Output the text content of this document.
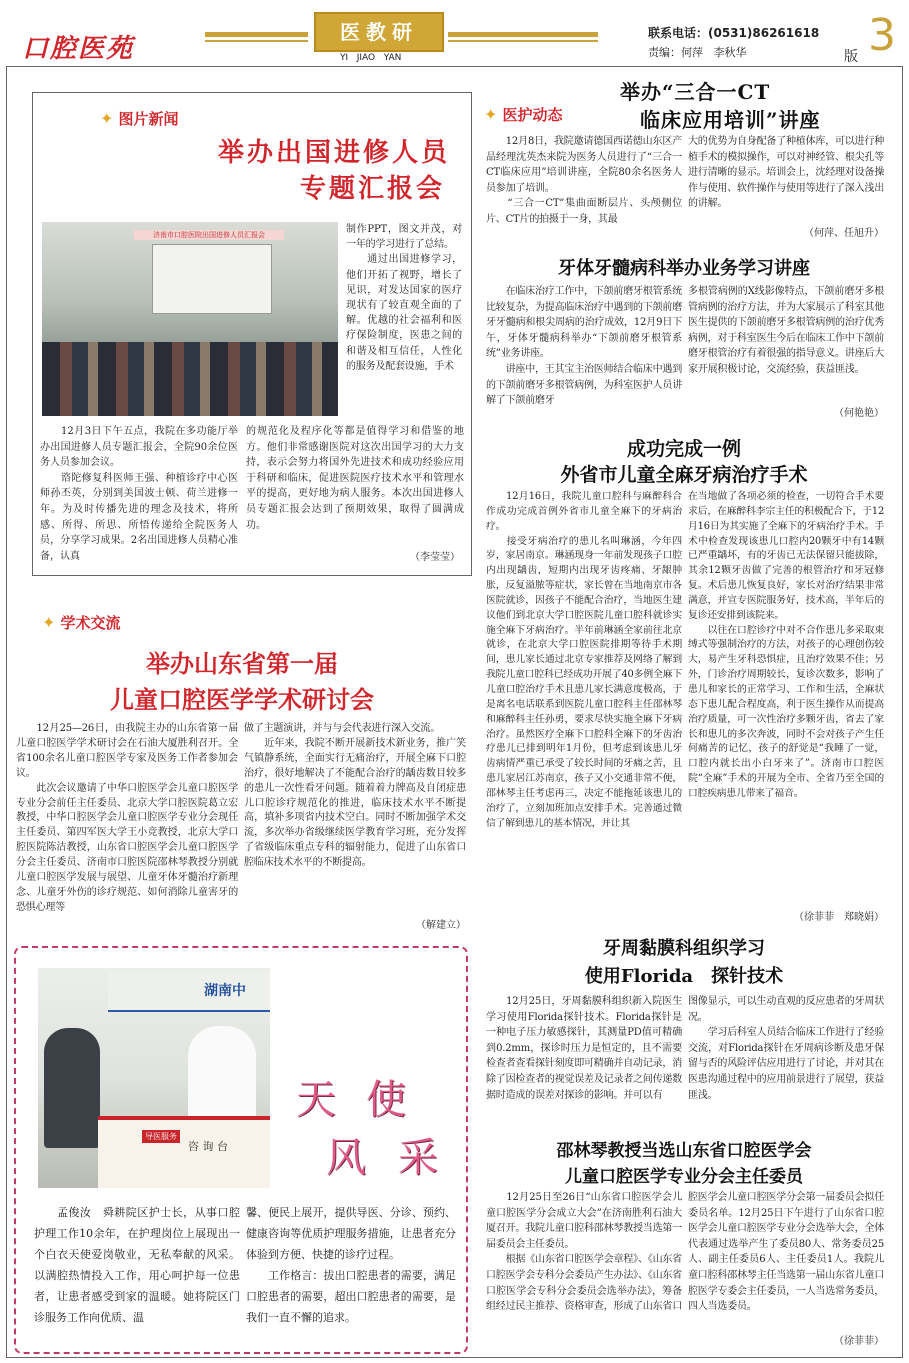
口腔医苑
医教研
YI   JIAO   YAN
联系电话：(0531)86261618
责编：何萍   李秋华	版 3
✦ 图片新闻
举办出国进修人员
专题汇报会
济南市口腔医院出国进修人员汇报会	制作PPT，图文并茂，对一年的学习进行了总结。
　　通过出国进修学习，他们开拓了视野，增长了见识，对发达国家的医疗现状有了较直观全面的了解。优越的社会福利和医疗保险制度，医患之间的和谐及相互信任，人性化的服务及配套设施，手术
　　12月3日下午五点，我院在多功能厅举办出国进修人员专题汇报会，全院90余位医务人员参加会议。
　　谘陀修复科医师王强、种植诊疗中心医师孙丕英，分别到美国波士顿、荷兰进修一年。为及时传播先进的理念及技术，将所感、所得、所思、所悟传递给全院医务人员，分享学习成果。2名出国进修人员精心准备，认真
的规范化及程序化等都是值得学习和借鉴的地方。他们非常感谢医院对这次出国学习的大力支持，表示会努力将国外先进技术和成功经验应用于科研和临床，促进医院医疗技术水平和管理水平的提高，更好地为病人服务。本次出国进修人员专题汇报会达到了预期效果，取得了圆满成功。
（李莹莹）
✦ 学术交流
举办山东省第一届
儿童口腔医学学术研讨会
　　12月25—26日，由我院主办的山东省第一届儿童口腔医学学术研讨会在石油大厦胜利召开。全省100余名儿童口腔医学专家及医务工作者参加会议。
　　此次会议邀请了中华口腔医学会儿童口腔医学专业分会前任主任委员、北京大学口腔医院葛立宏教授，中华口腔医学会儿童口腔医学专业分会现任主任委员、第四军医大学王小竞教授，北京大学口腔医院陈洁教授，山东省口腔医学会儿童口腔医学分会主任委员、济南市口腔医院邵林琴教授分别就儿童口腔医学发展与展望、儿童牙体牙髓治疗新理念、儿童牙外伤的诊疗规范、如何消除儿童害牙的恐惧心理等
做了主题演讲，并与与会代表进行深入交流。
　　近年来，我院不断开展新技术新业务，推广笑气镇静系统，全面实行无痛治疗，开展全麻下口腔治疗，很好地解决了不能配合治疗的龋齿数目较多的患儿一次性看牙问题。随着着力牌高及自闭症患儿口腔诊疗规范化的推进，临床技术水平不断提高，填补多项省内技术空白。同时不断加强学术交流，多次举办省级继续医学教育学习班，充分发挥了省级临床重点专科的辐射能力，促进了山东省口腔临床技术水平的不断提高。
（解建立）
湖南中
咨 询 台
导医服务
天 使
风 采
　　孟俊汝　舜耕院区护士长，从事口腔护理工作10余年，在护理岗位上展现出一个白衣天使爱岗敬业，无私奉献的风采。以满腔热情投入工作，用心呵护每一位患者，让患者感受到家的温暖。她将院区门诊服务工作向优质、温
馨、便民上展开，提供导医、分诊、预约、健康咨询等优质护理服务措施，让患者充分体验到方便、快捷的诊疗过程。
　　工作格言：拔出口腔患者的需要，满足口腔患者的需要，超出口腔患者的需要，是我们一直不懈的追求。
✦ 医护动态
举办“三合一CT
临床应用培训”讲座
　　12月8日，我院邀请德国西诺德山东区产品经理沈英杰来院为医务人员进行了“三合一CT临床应用”培训讲座，全院80余名医务人员参加了培训。
　　“三合一CT”集曲面断层片、头颅侧位片、CT片的拍摄于一身，其最
大的优势为自身配备了种植体库，可以进行种植手术的模拟操作，可以对神经管、根尖孔等进行清晰的显示。培训会上，沈经理对设备操作与使用、软件操作与使用等进行了深入浅出的讲解。
（何萍、任旭升）
牙体牙髓病科举办业务学习讲座
　　在临床治疗工作中，下颌前磨牙根管系统比较复杂，为提高临床治疗中遇到的下颌前磨牙牙髓病和根尖周病的治疗成效，12月9日下午，牙体牙髓病科举办“下颌前磨牙根管系统”业务讲座。
　　讲座中，王其宝主治医师结合临床中遇到的下颌前磨牙多根管病例，为科室医护人员讲解了下颌前磨牙
多根管病例的X线影像特点，下颌前磨牙多根管病例的治疗方法，并为大家展示了科室其他医生提供的下颌前磨牙多根管病例的治疗优秀病例，对于科室医生今后在临床工作中下颌前磨牙根管治疗有着很强的指导意义。讲座后大家开展积极讨论，交流经验，获益匪浅。
（何艳艳）
成功完成一例
外省市儿童全麻牙病治疗手术
　　12月16日，我院儿童口腔科与麻醉科合作成功完成首例外省市儿童全麻下的牙病治疗。
　　接受牙病治疗的患儿名叫琳涵，今年四岁，家居南京。琳涵现身一年前发现孩子口腔内出现龋齿，短期内出现牙齿疼痛、牙龈肿胀，反复溢脓等症状，家长曾在当地南京市各医院就诊，因孩子不能配合治疗，当地医生建议他们到北京大学口腔医院儿童口腔科就诊实施全麻下牙病治疗。半年前琳涵全家前往北京就诊，在北京大学口腔医院排期等待手术期间，患儿家长通过北京专家推荐及网络了解到我院儿童口腔科已经成功开展了40多例全麻下儿童口腔治疗手术且患儿家长满意度极高，于是离名电话联系到医院儿童口腔科主任邵林琴和麻醉科主任孙勇，要求尽快实施全麻下牙病治疗。虽然医疗全麻下口腔科全麻下的牙齿治疗患儿已排到明年1月份，但考虑到该患儿牙齿病情严重已承受了较长时间的牙痛之苦，且患儿家居江苏南京，孩子又小交通非常不便，邵林琴主任考虑再三，决定不能拖延该患儿的治疗了，立刻加班加点安排手术。完善通过微信了解到患儿的基本情况，并让其
在当地做了各项必须的检查，一切符合手术要求后，在麻醉科李宗主任的积极配合下，于12月16日为其实施了全麻下的牙病治疗手术。手术中检查发现该患儿口腔内20颗牙中有14颗已严重龋坏，有的牙齿已无法保留只能拔除，其余12颗牙齿做了完善的根管治疗和牙冠修复。术后患儿恢复良好，家长对治疗结果非常满意，并宣专医院服务好，技术高，半年后的复诊还安排到该院来。
　　以往在口腔诊疗中对不合作患儿多采取束缚式等强制治疗的方法，对孩子的心理创伤较大，易产生牙科恐惧症，且治疗效果不佳；另外，门诊治疗周期较长，复诊次数多，影响了患儿和家长的正常学习、工作和生活，全麻状态下患儿配合程度高，利于医生操作从而提高治疗质量，可一次性治疗多颗牙齿，省去了家长和患儿的多次奔波，同时不会对孩子产生任何痛苦的记忆，孩子的舒觉是“我睡了一觉，口腔内就长出小白牙来了”。济南市口腔医院“全麻”手术的开展为全市、全省乃至全国的口腔疾病患儿带来了福音。
（徐菲菲　郑晓娟）
牙周黏膜科组织学习
使用Florida　探针技术
　　12月25日，牙周黏膜科组织新入院医生学习使用Florida探针技术。Florida探针是一种电子压力敏感探针，其测量PD值可精确到0.2mm，探诊时压力是恒定的，且不需要检查者查看探针刻度即可精确并自动记录，消除了因检查者的视觉误差及记录者之间传递数据时造成的误差对探诊的影响。并可以有
图像显示，可以生动直观的反应患者的牙周状况。
　　学习后科室人员结合临床工作进行了经验交流，对Florida探针在牙周病诊断及患牙保留与否的风险评估应用进行了讨论，并对其在医患沟通过程中的应用前景进行了展望，获益匪浅。
邵林琴教授当选山东省口腔医学会
儿童口腔医学专业分会主任委员
　　12月25日至26日“山东省口腔医学会儿童口腔医学分会成立大会”在济南胜利石油大厦召开。我院儿童口腔科邵林琴教授当选第一届委员会主任委员。
　　根据《山东省口腔医学会章程》、《山东省口腔医学会专科分会委员产生办法》、《山东省口腔医学会专科分会委员会选举办法》，筹备组经过民主推荐、资格审查，形成了山东省口
腔医学会儿童口腔医学分会第一届委员会拟任委员名单。12月25日下午进行了山东省口腔医学会儿童口腔医学专业分会选举大会，全体代表通过选举产生了委员80人、常务委员25人、副主任委员6人、主任委员1人。我院儿童口腔科邵林琴主任当选第一届山东省儿童口腔医学专委会主任委员，一人当选常务委员，四人当选委员。
（徐菲菲）
